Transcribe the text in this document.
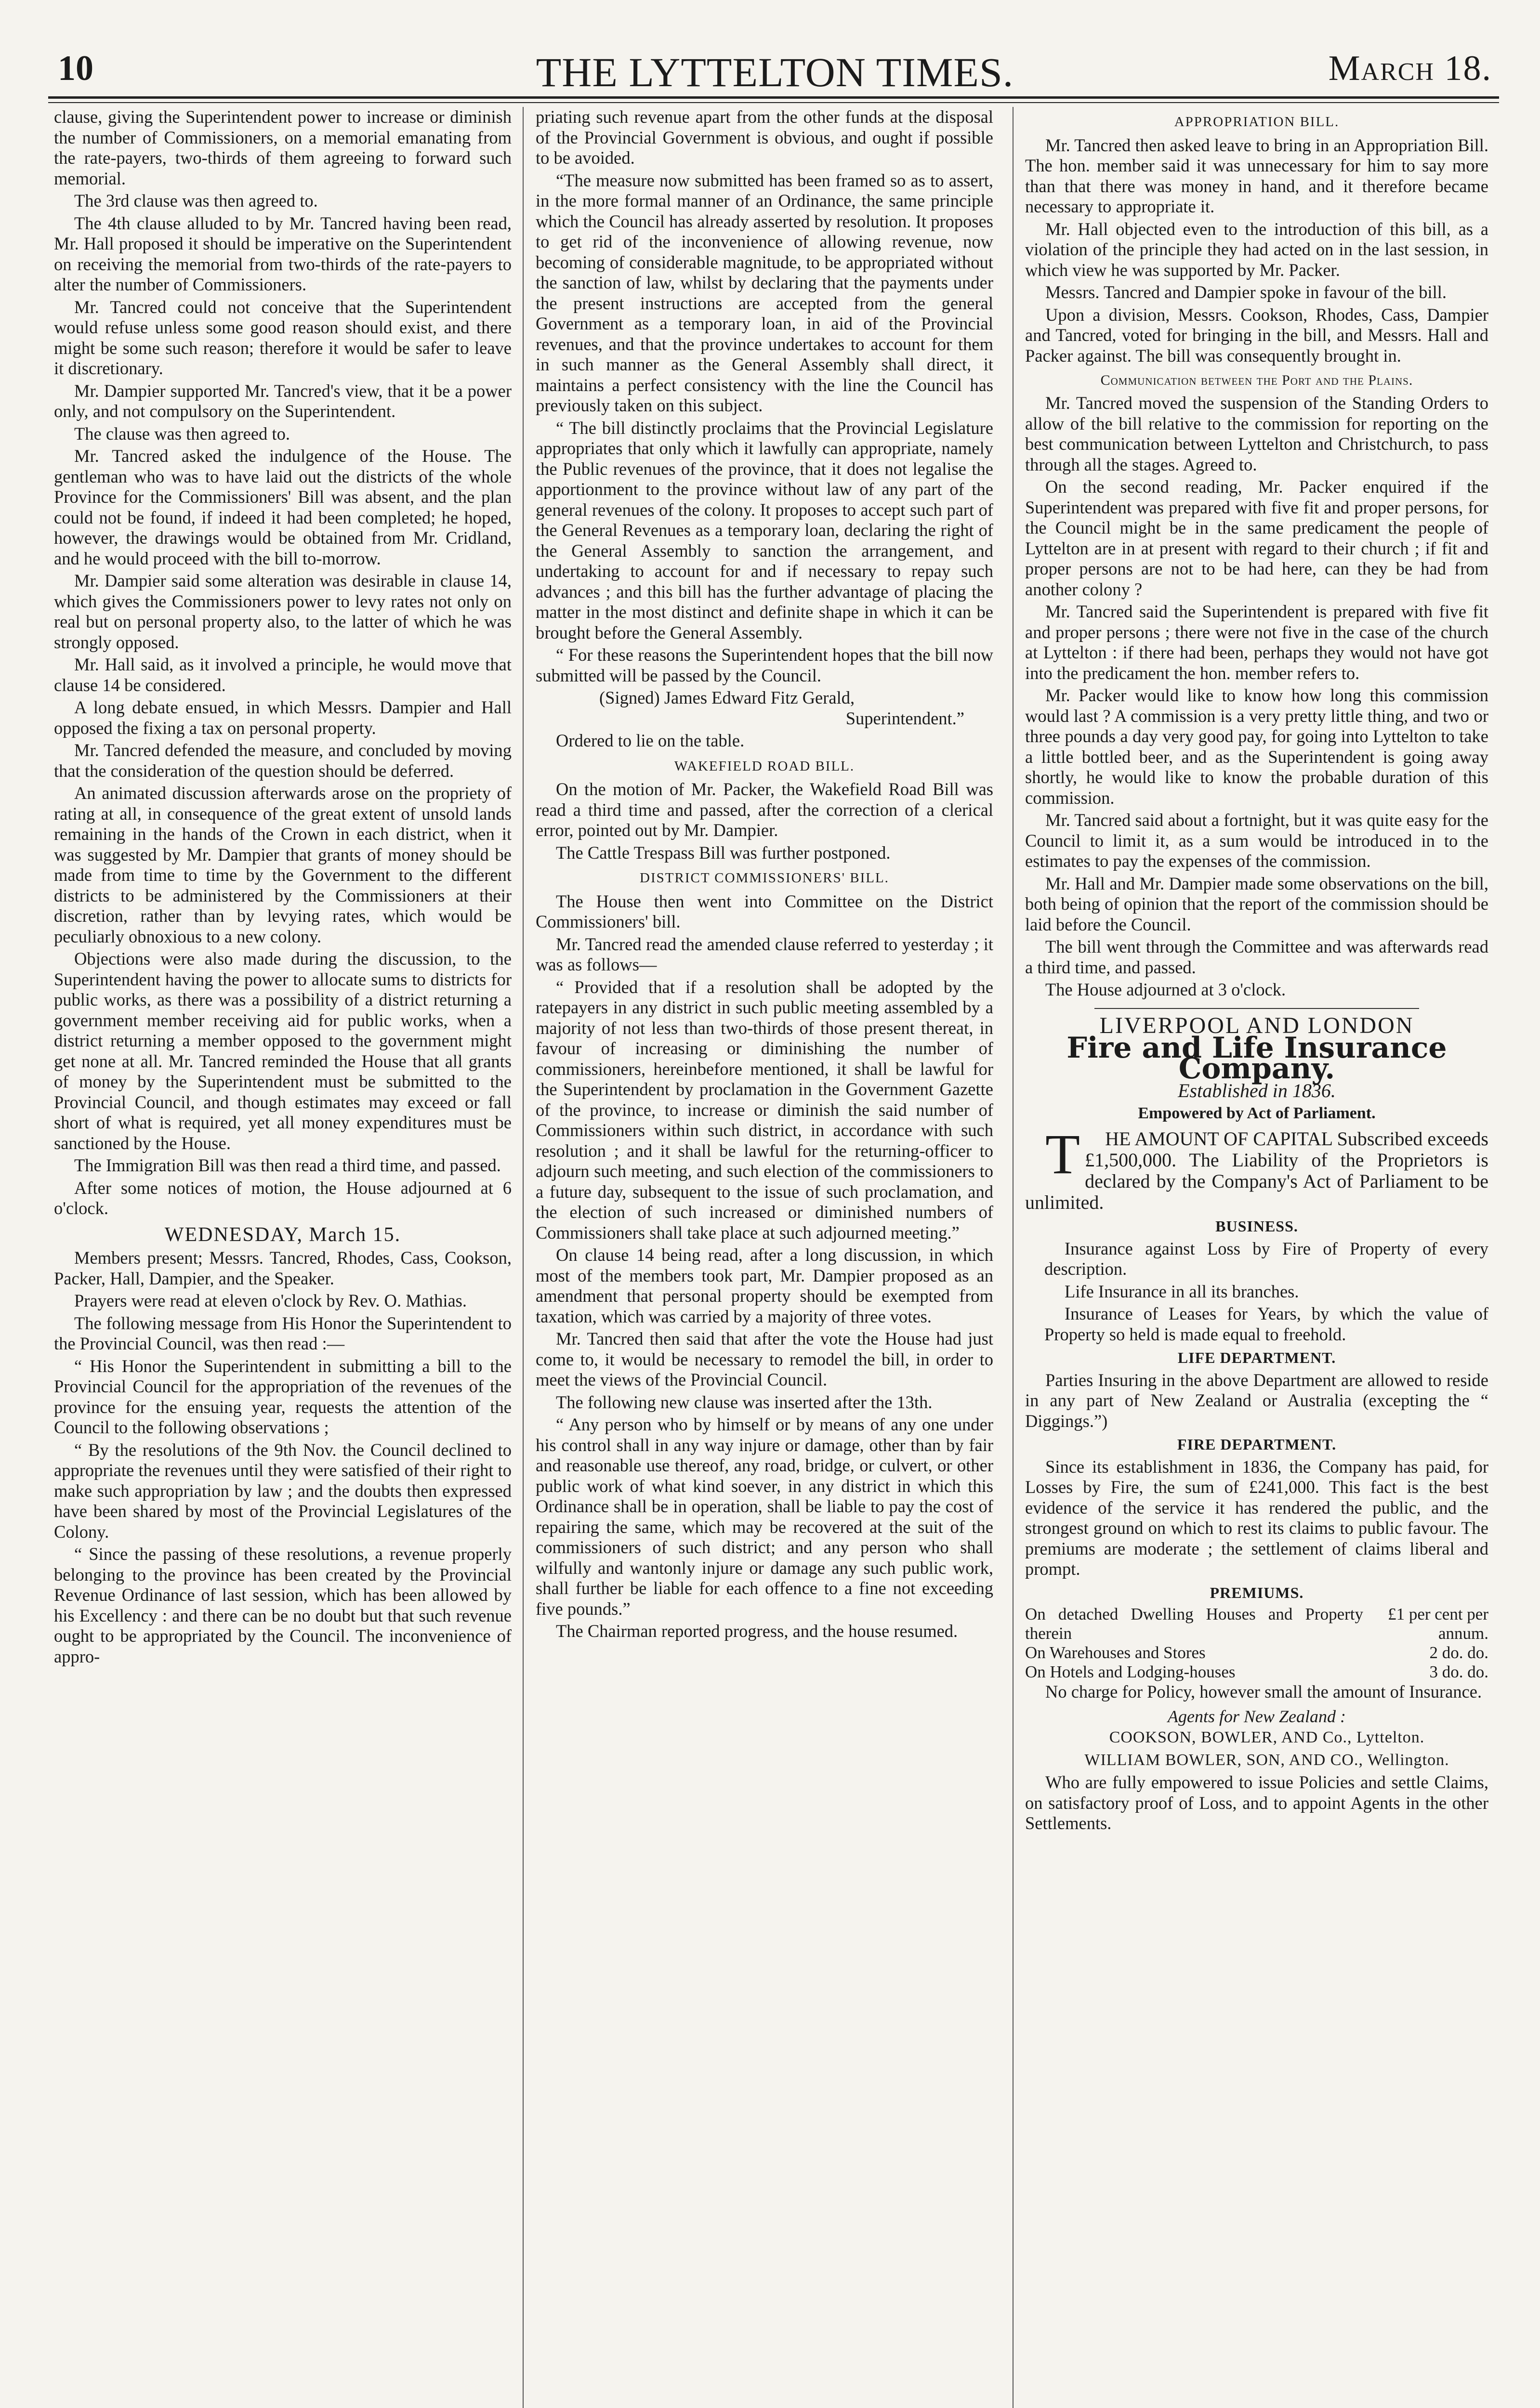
10	THE LYTTELTON TIMES.	March 18.

clause, giving the Superintendent power to increase or diminish the number of Commissioners, on a memorial emanating from the rate-payers, two-thirds of them agreeing to forward such memorial.

The 3rd clause was then agreed to.

The 4th clause alluded to by Mr. Tancred having been read, Mr. Hall proposed it should be imperative on the Superintendent on receiving the memorial from two-thirds of the rate-payers to alter the number of Commissioners.

Mr. Tancred could not conceive that the Superintendent would refuse unless some good reason should exist, and there might be some such reason; therefore it would be safer to leave it discretionary.

Mr. Dampier supported Mr. Tancred's view, that it be a power only, and not compulsory on the Superintendent.

The clause was then agreed to.

Mr. Tancred asked the indulgence of the House. The gentleman who was to have laid out the districts of the whole Province for the Commissioners' Bill was absent, and the plan could not be found, if indeed it had been completed; he hoped, however, the drawings would be obtained from Mr. Cridland, and he would proceed with the bill to-morrow.

Mr. Dampier said some alteration was desirable in clause 14, which gives the Commissioners power to levy rates not only on real but on personal property also, to the latter of which he was strongly opposed.

Mr. Hall said, as it involved a principle, he would move that clause 14 be considered.

A long debate ensued, in which Messrs. Dampier and Hall opposed the fixing a tax on personal property.

Mr. Tancred defended the measure, and concluded by moving that the consideration of the question should be deferred.

An animated discussion afterwards arose on the propriety of rating at all, in consequence of the great extent of unsold lands remaining in the hands of the Crown in each district, when it was suggested by Mr. Dampier that grants of money should be made from time to time by the Government to the different districts to be administered by the Commissioners at their discretion, rather than by levying rates, which would be peculiarly obnoxious to a new colony.

Objections were also made during the discussion, to the Superintendent having the power to allocate sums to districts for public works, as there was a possibility of a district returning a government member receiving aid for public works, when a district returning a member opposed to the government might get none at all. Mr. Tancred reminded the House that all grants of money by the Superintendent must be submitted to the Provincial Council, and though estimates may exceed or fall short of what is required, yet all money expenditures must be sanctioned by the House.

The Immigration Bill was then read a third time, and passed.

After some notices of motion, the House adjourned at 6 o'clock.

WEDNESDAY, March 15.

Members present; Messrs. Tancred, Rhodes, Cass, Cookson, Packer, Hall, Dampier, and the Speaker.

Prayers were read at eleven o'clock by Rev. O. Mathias.

The following message from His Honor the Superintendent to the Provincial Council, was then read :—

“ His Honor the Superintendent in submitting a bill to the Provincial Council for the appropriation of the revenues of the province for the ensuing year, requests the attention of the Council to the following observations ;

“ By the resolutions of the 9th Nov. the Council declined to appropriate the revenues until they were satisfied of their right to make such appropriation by law ; and the doubts then expressed have been shared by most of the Provincial Legislatures of the Colony.

“ Since the passing of these resolutions, a revenue properly belonging to the province has been created by the Provincial Revenue Ordinance of last session, which has been allowed by his Excellency : and there can be no doubt but that such revenue ought to be appropriated by the Council. The inconvenience of appro-

priating such revenue apart from the other funds at the disposal of the Provincial Government is obvious, and ought if possible to be avoided.

“The measure now submitted has been framed so as to assert, in the more formal manner of an Ordinance, the same principle which the Council has already asserted by resolution. It proposes to get rid of the inconvenience of allowing revenue, now becoming of considerable magnitude, to be appropriated without the sanction of law, whilst by declaring that the payments under the present instructions are accepted from the general Government as a temporary loan, in aid of the Provincial revenues, and that the province undertakes to account for them in such manner as the General Assembly shall direct, it maintains a perfect consistency with the line the Council has previously taken on this subject.

“ The bill distinctly proclaims that the Provincial Legislature appropriates that only which it lawfully can appropriate, namely the Public revenues of the province, that it does not legalise the apportionment to the province without law of any part of the general revenues of the colony. It proposes to accept such part of the General Revenues as a temporary loan, declaring the right of the General Assembly to sanction the arrangement, and undertaking to account for and if necessary to repay such advances ; and this bill has the further advantage of placing the matter in the most distinct and definite shape in which it can be brought before the General Assembly.

“ For these reasons the Superintendent hopes that the bill now submitted will be passed by the Council.

(Signed) James Edward Fitz Gerald,
Superintendent.”

Ordered to lie on the table.

WAKEFIELD ROAD BILL.

On the motion of Mr. Packer, the Wakefield Road Bill was read a third time and passed, after the correction of a clerical error, pointed out by Mr. Dampier.

The Cattle Trespass Bill was further postponed.

DISTRICT COMMISSIONERS' BILL.

The House then went into Committee on the District Commissioners' bill.

Mr. Tancred read the amended clause referred to yesterday ; it was as follows—

“ Provided that if a resolution shall be adopted by the ratepayers in any district in such public meeting assembled by a majority of not less than two-thirds of those present thereat, in favour of increasing or diminishing the number of commissioners, hereinbefore mentioned, it shall be lawful for the Superintendent by proclamation in the Government Gazette of the province, to increase or diminish the said number of Commissioners within such district, in accordance with such resolution ; and it shall be lawful for the returning-officer to adjourn such meeting, and such election of the commissioners to a future day, subsequent to the issue of such proclamation, and the election of such increased or diminished numbers of Commissioners shall take place at such adjourned meeting.”

On clause 14 being read, after a long discussion, in which most of the members took part, Mr. Dampier proposed as an amendment that personal property should be exempted from taxation, which was carried by a majority of three votes.

Mr. Tancred then said that after the vote the House had just come to, it would be necessary to remodel the bill, in order to meet the views of the Provincial Council.

The following new clause was inserted after the 13th.

“ Any person who by himself or by means of any one under his control shall in any way injure or damage, other than by fair and reasonable use thereof, any road, bridge, or culvert, or other public work of what kind soever, in any district in which this Ordinance shall be in operation, shall be liable to pay the cost of repairing the same, which may be recovered at the suit of the commissioners of such district; and any person who shall wilfully and wantonly injure or damage any such public work, shall further be liable for each offence to a fine not exceeding five pounds.”

The Chairman reported progress, and the house resumed.

APPROPRIATION BILL.

Mr. Tancred then asked leave to bring in an Appropriation Bill. The hon. member said it was unnecessary for him to say more than that there was money in hand, and it therefore became necessary to appropriate it.

Mr. Hall objected even to the introduction of this bill, as a violation of the principle they had acted on in the last session, in which view he was supported by Mr. Packer.

Messrs. Tancred and Dampier spoke in favour of the bill.

Upon a division, Messrs. Cookson, Rhodes, Cass, Dampier and Tancred, voted for bringing in the bill, and Messrs. Hall and Packer against. The bill was consequently brought in.

Communication between the Port and the Plains.

Mr. Tancred moved the suspension of the Standing Orders to allow of the bill relative to the commission for reporting on the best communication between Lyttelton and Christchurch, to pass through all the stages. Agreed to.

On the second reading, Mr. Packer enquired if the Superintendent was prepared with five fit and proper persons, for the Council might be in the same predicament the people of Lyttelton are in at present with regard to their church ; if fit and proper persons are not to be had here, can they be had from another colony ?

Mr. Tancred said the Superintendent is prepared with five fit and proper persons ; there were not five in the case of the church at Lyttelton : if there had been, perhaps they would not have got into the predicament the hon. member refers to.

Mr. Packer would like to know how long this commission would last ? A commission is a very pretty little thing, and two or three pounds a day very good pay, for going into Lyttelton to take a little bottled beer, and as the Superintendent is going away shortly, he would like to know the probable duration of this commission.

Mr. Tancred said about a fortnight, but it was quite easy for the Council to limit it, as a sum would be introduced in to the estimates to pay the expenses of the commission.

Mr. Hall and Mr. Dampier made some observations on the bill, both being of opinion that the report of the commission should be laid before the Council.

The bill went through the Committee and was afterwards read a third time, and passed.

The House adjourned at 3 o'clock.

LIVERPOOL AND LONDON
Fire and Life Insurance Company.
Established in 1836.
Empowered by Act of Parliament.

T HE AMOUNT OF CAPITAL Subscribed exceeds £1,500,000. The Liability of the Proprietors is declared by the Company's Act of Parliament to be unlimited.

BUSINESS.

Insurance against Loss by Fire of Property of every description.

Life Insurance in all its branches.

Insurance of Leases for Years, by which the value of Property so held is made equal to freehold.

LIFE DEPARTMENT.

Parties Insuring in the above Department are allowed to reside in any part of New Zealand or Australia (excepting the “ Diggings.”)

FIRE DEPARTMENT.

Since its establishment in 1836, the Company has paid, for Losses by Fire, the sum of £241,000. This fact is the best evidence of the service it has rendered the public, and the strongest ground on which to rest its claims to public favour. The premiums are moderate ; the settlement of claims liberal and prompt.

PREMIUMS.
On detached Dwelling Houses and Property therein	£1 per cent per annum.
On Warehouses and Stores	2 do. do.
On Hotels and Lodging-houses	3 do. do.

No charge for Policy, however small the amount of Insurance.

Agents for New Zealand :

COOKSON, BOWLER, AND Co., Lyttelton.

WILLIAM BOWLER, SON, AND CO., Wellington.

Who are fully empowered to issue Policies and settle Claims, on satisfactory proof of Loss, and to appoint Agents in the other Settlements.
